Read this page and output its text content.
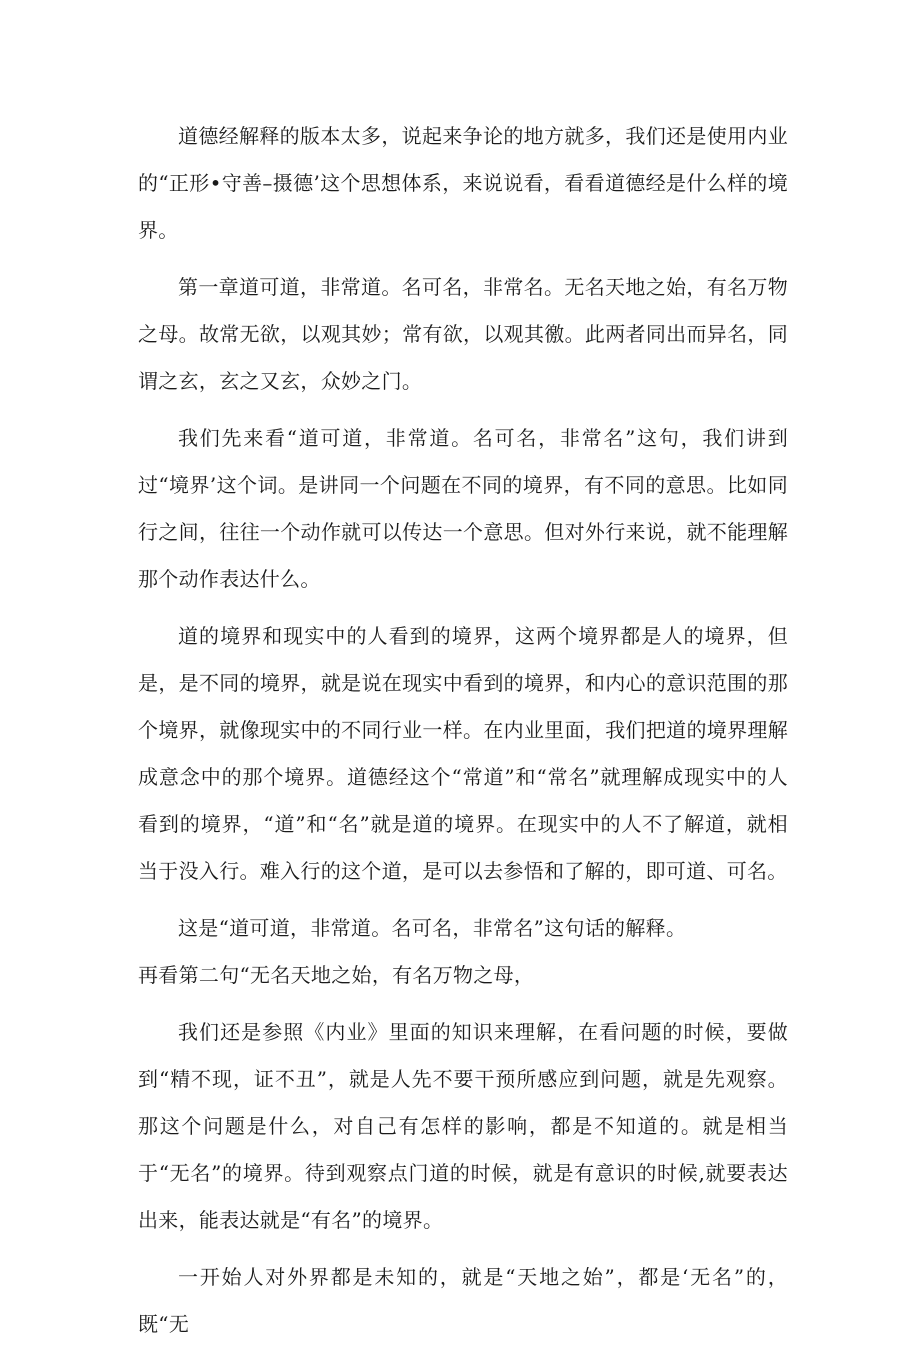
道德经解释的版本太多，说起来争论的地方就多，我们还是使用内业的“正形•守善–摄德’这个思想体系，来说说看，看看道德经是什么样的境界。

第一章道可道，非常道。名可名，非常名。无名天地之始，有名万物之母。故常无欲，以观其妙；常有欲，以观其徼。此两者同出而异名，同谓之玄，玄之又玄，众妙之门。

我们先来看“道可道，非常道。名可名，非常名”这句，我们讲到过“境界’这个词。是讲同一个问题在不同的境界，有不同的意思。比如同行之间，往往一个动作就可以传达一个意思。但对外行来说，就不能理解那个动作表达什么。

道的境界和现实中的人看到的境界，这两个境界都是人的境界，但是，是不同的境界，就是说在现实中看到的境界，和内心的意识范围的那个境界，就像现实中的不同行业一样。在内业里面，我们把道的境界理解成意念中的那个境界。道德经这个“常道”和“常名”就理解成现实中的人看到的境界，“道”和“名”就是道的境界。在现实中的人不了解道，就相当于没入行。难入行的这个道，是可以去参悟和了解的，即可道、可名。

这是“道可道，非常道。名可名，非常名”这句话的解释。

再看第二句“无名天地之始，有名万物之母，

我们还是参照《内业》里面的知识来理解，在看问题的时候，要做到“精不现，证不丑”，就是人先不要干预所感应到问题，就是先观察。那这个问题是什么，对自己有怎样的影响，都是不知道的。就是相当于“无名”的境界。待到观察点门道的时候，就是有意识的时候,就要表达出来，能表达就是“有名”的境界。

一开始人对外界都是未知的，就是“天地之始”，都是‘无名”的，既“无
